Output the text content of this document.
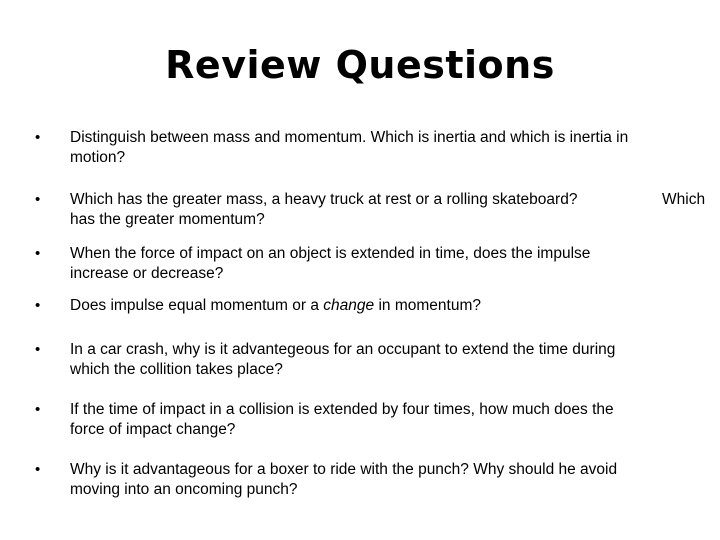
Review Questions
• Distinguish between mass and momentum. Which is inertia and which is inertia in
motion?
• Which has the greater mass, a heavy truck at rest or a rolling skateboard?
has the greater momentum?
Which
• When the force of impact on an object is extended in time, does the impulse
increase or decrease?
• Does impulse equal momentum or a change in momentum?
• In a car crash, why is it advantegeous for an occupant to extend the time during
which the collition takes place?
• If the time of impact in a collision is extended by four times, how much does the
force of impact change?
• Why is it advantageous for a boxer to ride with the punch? Why should he avoid
moving into an oncoming punch?
